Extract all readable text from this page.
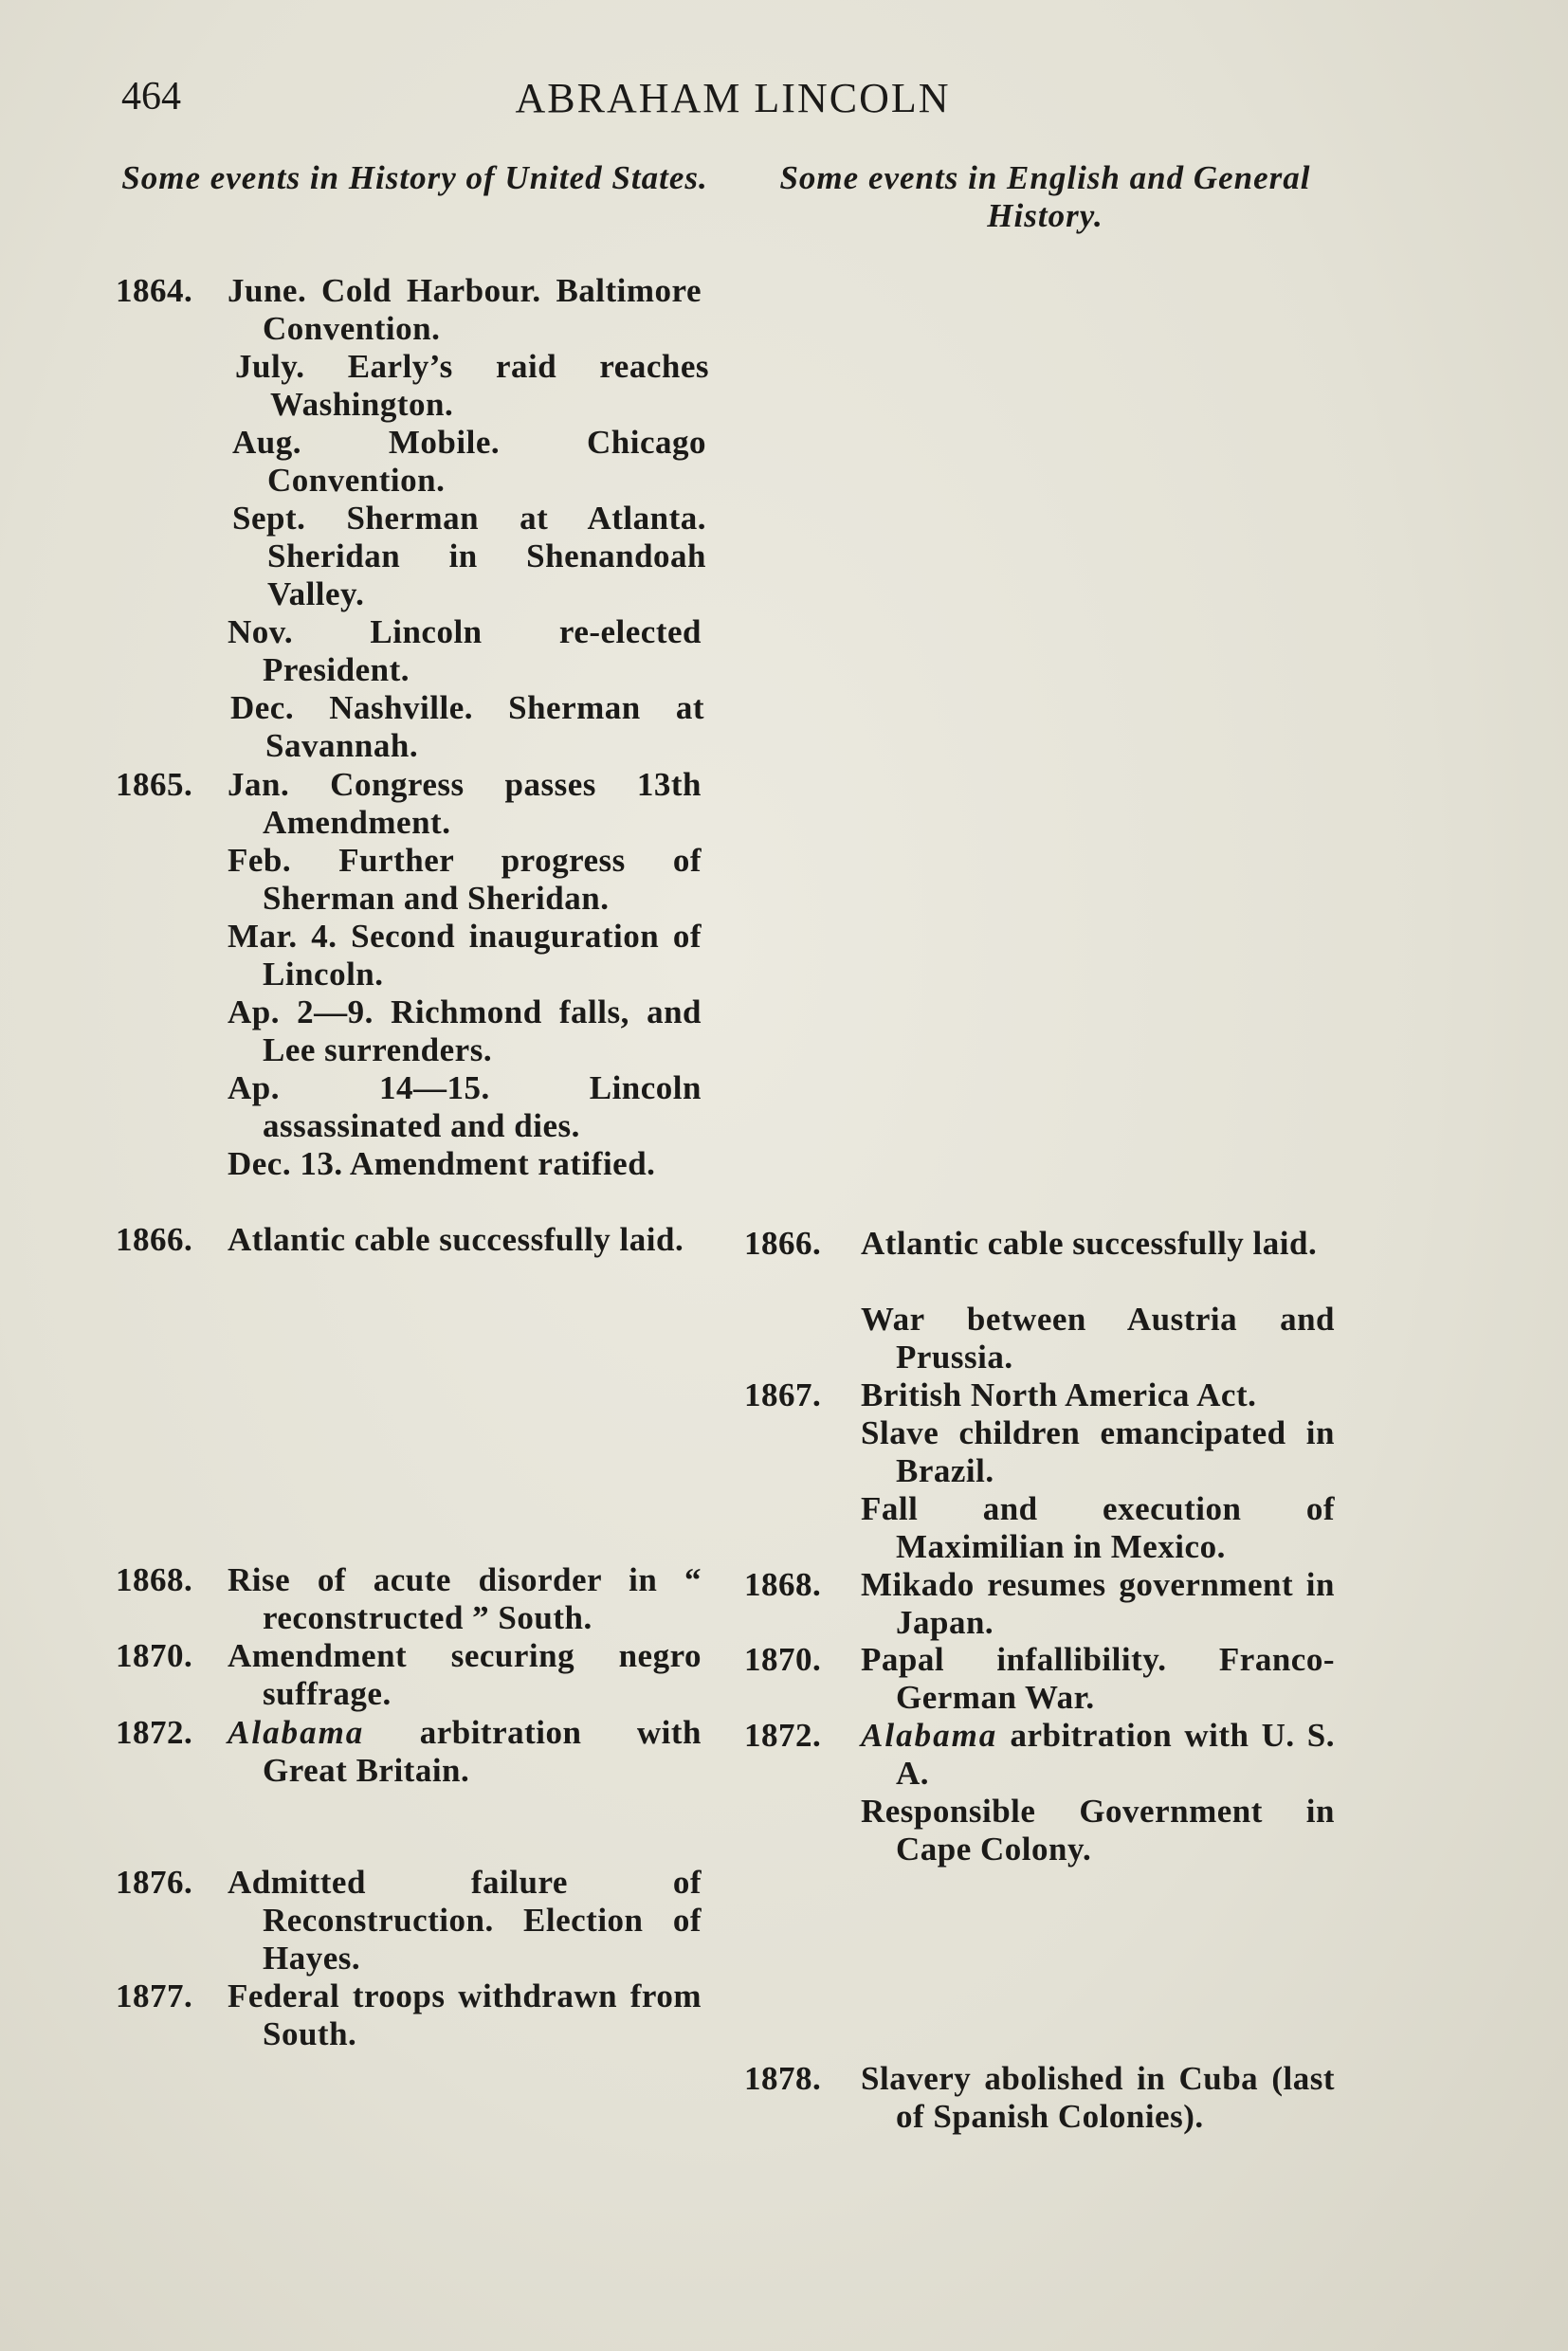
464	ABRAHAM LINCOLN
Some events in History of United States.	Some events in English and General History.
1864. June. Cold Harbour. Baltimore Convention.
July. Early’s raid reaches Washington.
Aug. Mobile. Chicago Convention.
Sept. Sherman at Atlanta. Sheridan in Shenandoah Valley.
Nov. Lincoln re-elected President.
Dec. Nashville. Sherman at Savannah.
1865. Jan. Congress passes 13th Amendment.
Feb. Further progress of Sherman and Sheridan.
Mar. 4. Second inauguration of Lincoln.
Ap. 2—9. Richmond falls, and Lee surrenders.
Ap. 14—15. Lincoln assassinated and dies.
Dec. 13. Amendment ratified.
1866. Atlantic cable successfully laid.
1868. Rise of acute disorder in “ reconstructed ” South.
1870. Amendment securing negro suffrage.
1872. Alabama arbitration with Great Britain.
1876. Admitted failure of Reconstruction. Election of Hayes.
1877. Federal troops withdrawn from South.
1866. Atlantic cable successfully laid.
War between Austria and Prussia.
1867. British North America Act.
Slave children emancipated in Brazil.
Fall and execution of Maximilian in Mexico.
1868. Mikado resumes government in Japan.
1870. Papal infallibility. Franco-German War.
1872. Alabama arbitration with U. S. A.
Responsible Government in Cape Colony.
1878. Slavery abolished in Cuba (last of Spanish Colonies).
